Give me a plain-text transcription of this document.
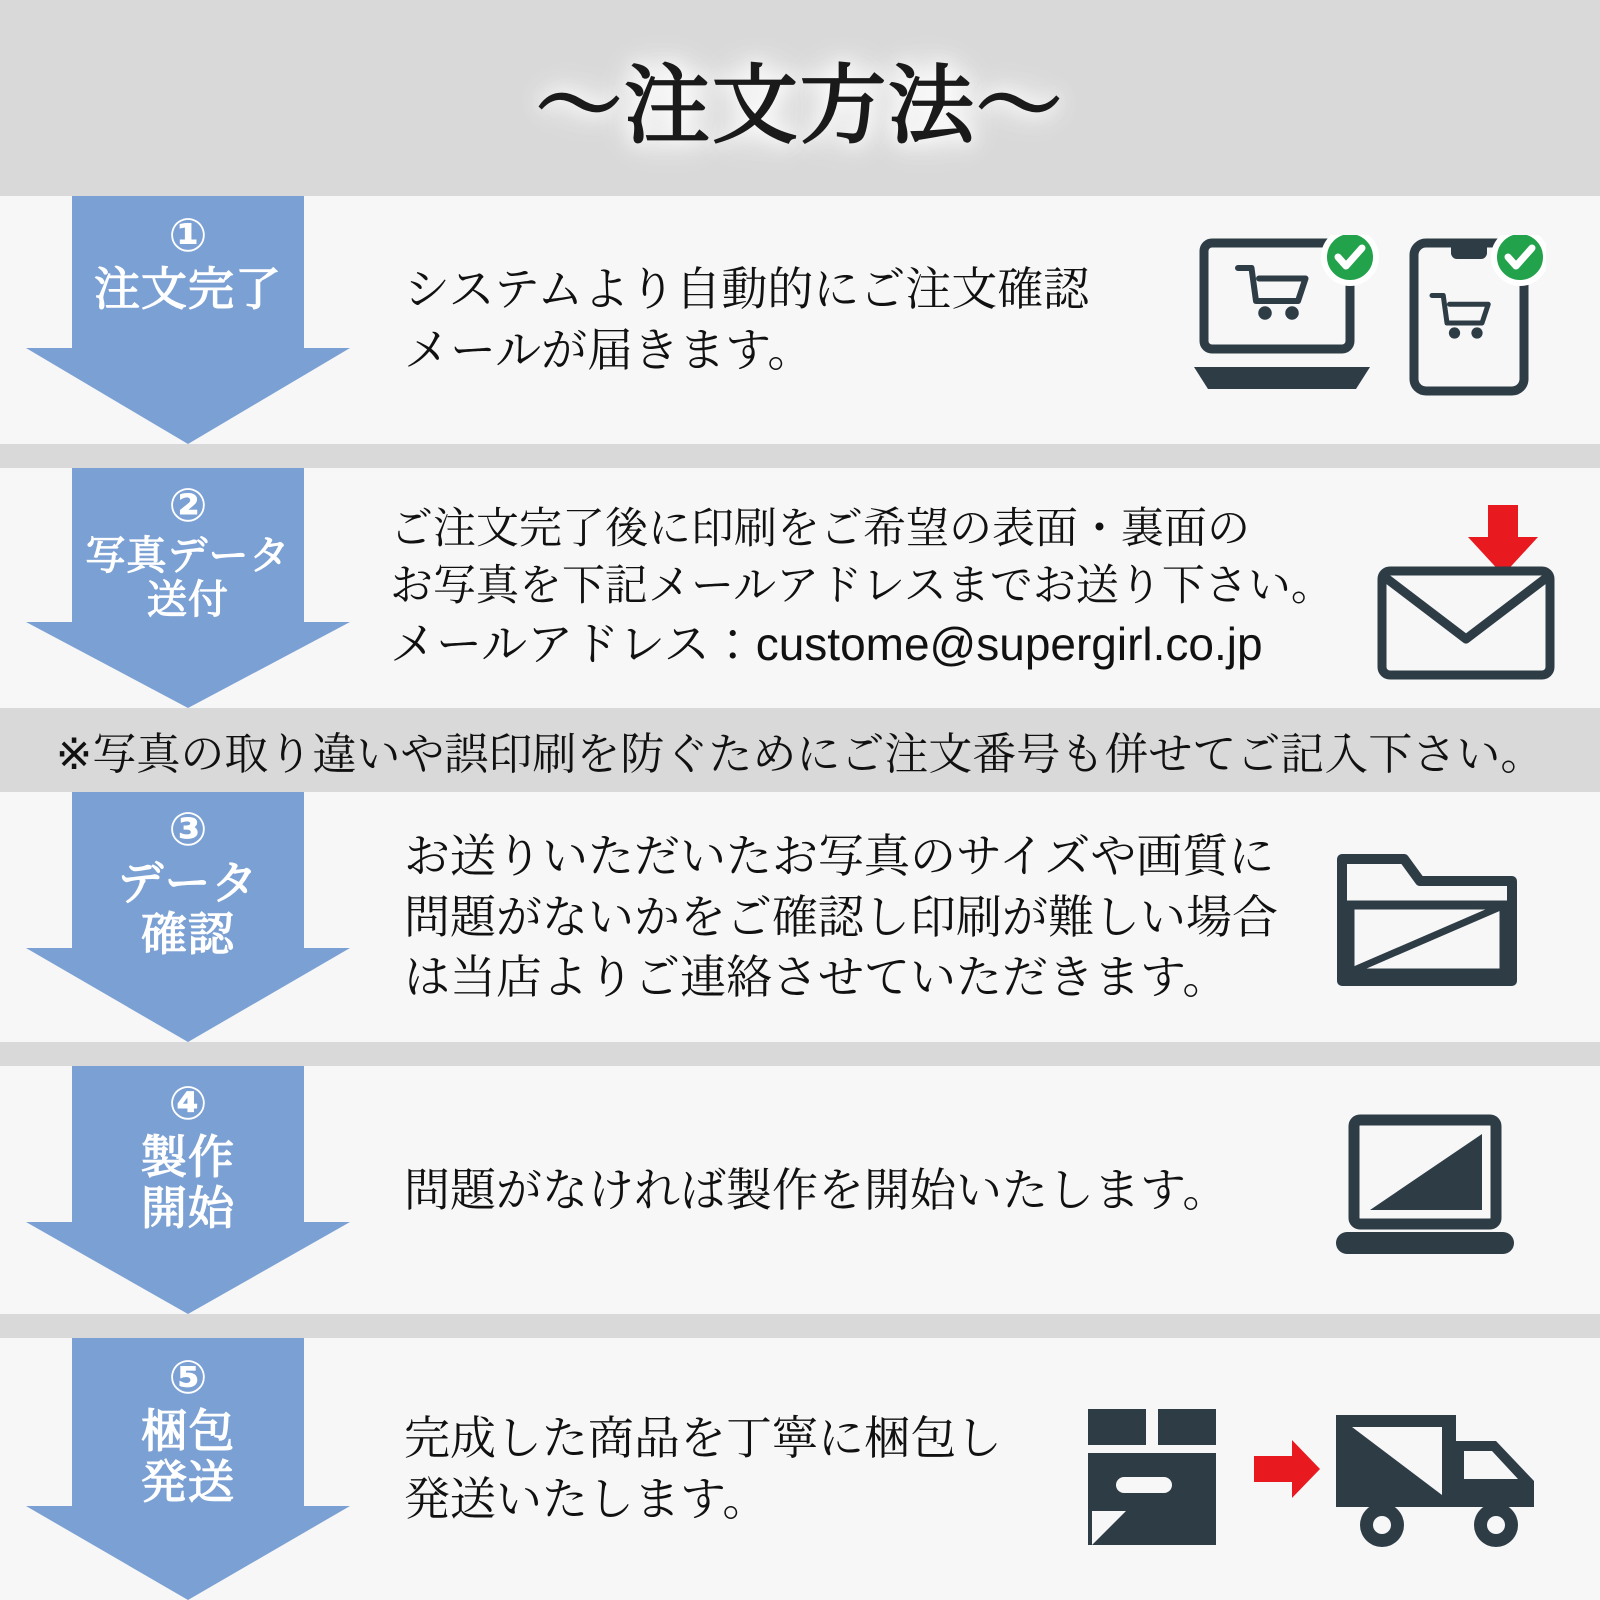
～注文方法～
①
注文完了	システムより自動的にご注文確認

メールが届きます。

②
写真データ
送付

ご注文完了後に印刷をご希望の表面・裏面の

お写真を下記メールアドレスまでお送り下さい。

メールアドレス：custome@supergirl.co.jp

※写真の取り違いや誤印刷を防ぐためにご注文番号も併せてご記入下さい。
③
データ
確認

お送りいただいたお写真のサイズや画質に

問題がないかをご確認し印刷が難しい場合

は当店よりご連絡させていただきます。

④
製作
開始	問題がなければ製作を開始いたします。

⑤
梱包
発送

完成した商品を丁寧に梱包し

発送いたします。
